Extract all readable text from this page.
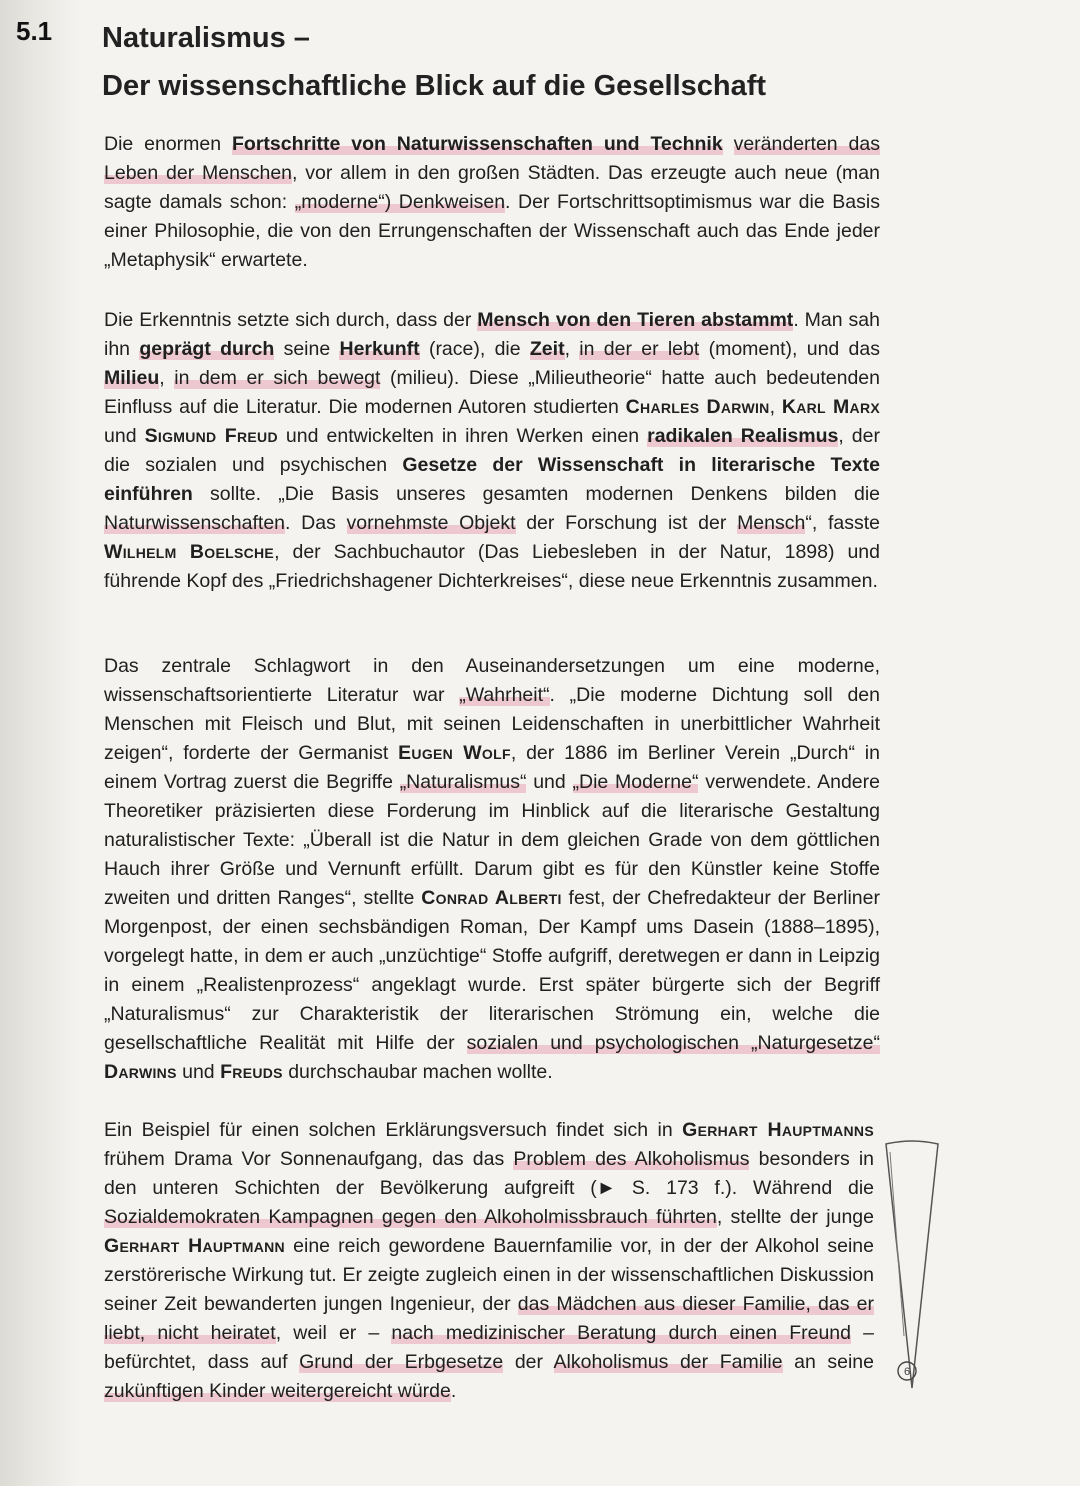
5.1 Naturalismus –
Der wissenschaftliche Blick auf die Gesellschaft
Die enormen Fortschritte von Naturwissenschaften und Technik veränderten das Leben der Menschen, vor allem in den großen Städten. Das erzeugte auch neue (man sagte damals schon: „moderne“) Denkweisen. Der Fortschrittsoptimismus war die Basis einer Philosophie, die von den Errungenschaften der Wissenschaft auch das Ende jeder „Metaphysik“ erwartete.
Die Erkenntnis setzte sich durch, dass der Mensch von den Tieren abstammt. Man sah ihn geprägt durch seine Herkunft (race), die Zeit, in der er lebt (moment), und das Milieu, in dem er sich bewegt (milieu). Diese „Milieutheorie“ hatte auch bedeutenden Einfluss auf die Literatur. Die modernen Autoren studierten Charles Darwin, Karl Marx und Sigmund Freud und entwickelten in ihren Werken einen radikalen Realismus, der die sozialen und psychischen Gesetze der Wissenschaft in literarische Texte einführen sollte. „Die Basis unseres gesamten modernen Denkens bilden die Naturwissenschaften. Das vornehmste Objekt der Forschung ist der Mensch“, fasste Wilhelm Boelsche, der Sachbuchautor (Das Liebesleben in der Natur, 1898) und führende Kopf des „Friedrichshagener Dichterkreises“, diese neue Erkenntnis zusammen.
Das zentrale Schlagwort in den Auseinandersetzungen um eine moderne, wissenschaftsorientierte Literatur war „Wahrheit“. „Die moderne Dichtung soll den Menschen mit Fleisch und Blut, mit seinen Leidenschaften in unerbittlicher Wahrheit zeigen“, forderte der Germanist Eugen Wolf, der 1886 im Berliner Verein „Durch“ in einem Vortrag zuerst die Begriffe „Naturalismus“ und „Die Moderne“ verwendete. Andere Theoretiker präzisierten diese Forderung im Hinblick auf die literarische Gestaltung naturalistischer Texte: „Überall ist die Natur in dem gleichen Grade von dem göttlichen Hauch ihrer Größe und Vernunft erfüllt. Darum gibt es für den Künstler keine Stoffe zweiten und dritten Ranges“, stellte Conrad Alberti fest, der Chefredakteur der Berliner Morgenpost, der einen sechsbändigen Roman, Der Kampf ums Dasein (1888–1895), vorgelegt hatte, in dem er auch „unzüchtige“ Stoffe aufgriff, deretwegen er dann in Leipzig in einem „Realistenprozess“ angeklagt wurde. Erst später bürgerte sich der Begriff „Naturalismus“ zur Charakteristik der literarischen Strömung ein, welche die gesellschaftliche Realität mit Hilfe der sozialen und psychologischen „Naturgesetze“ Darwins und Freuds durchschaubar machen wollte.
Ein Beispiel für einen solchen Erklärungsversuch findet sich in Gerhart Hauptmanns frühem Drama Vor Sonnenaufgang, das das Problem des Alkoholismus besonders in den unteren Schichten der Bevölkerung aufgreift (► S. 173 f.). Während die Sozialdemokraten Kampagnen gegen den Alkoholmissbrauch führten, stellte der junge Gerhart Hauptmann eine reich gewordene Bauernfamilie vor, in der der Alkohol seine zerstörerische Wirkung tut. Er zeigte zugleich einen in der wissenschaftlichen Diskussion seiner Zeit bewanderten jungen Ingenieur, der das Mädchen aus dieser Familie, das er liebt, nicht heiratet, weil er – nach medizinischer Beratung durch einen Freund – befürchtet, dass auf Grund der Erbgesetze der Alkoholismus der Familie an seine zukünftigen Kinder weitergereicht würde.
6
